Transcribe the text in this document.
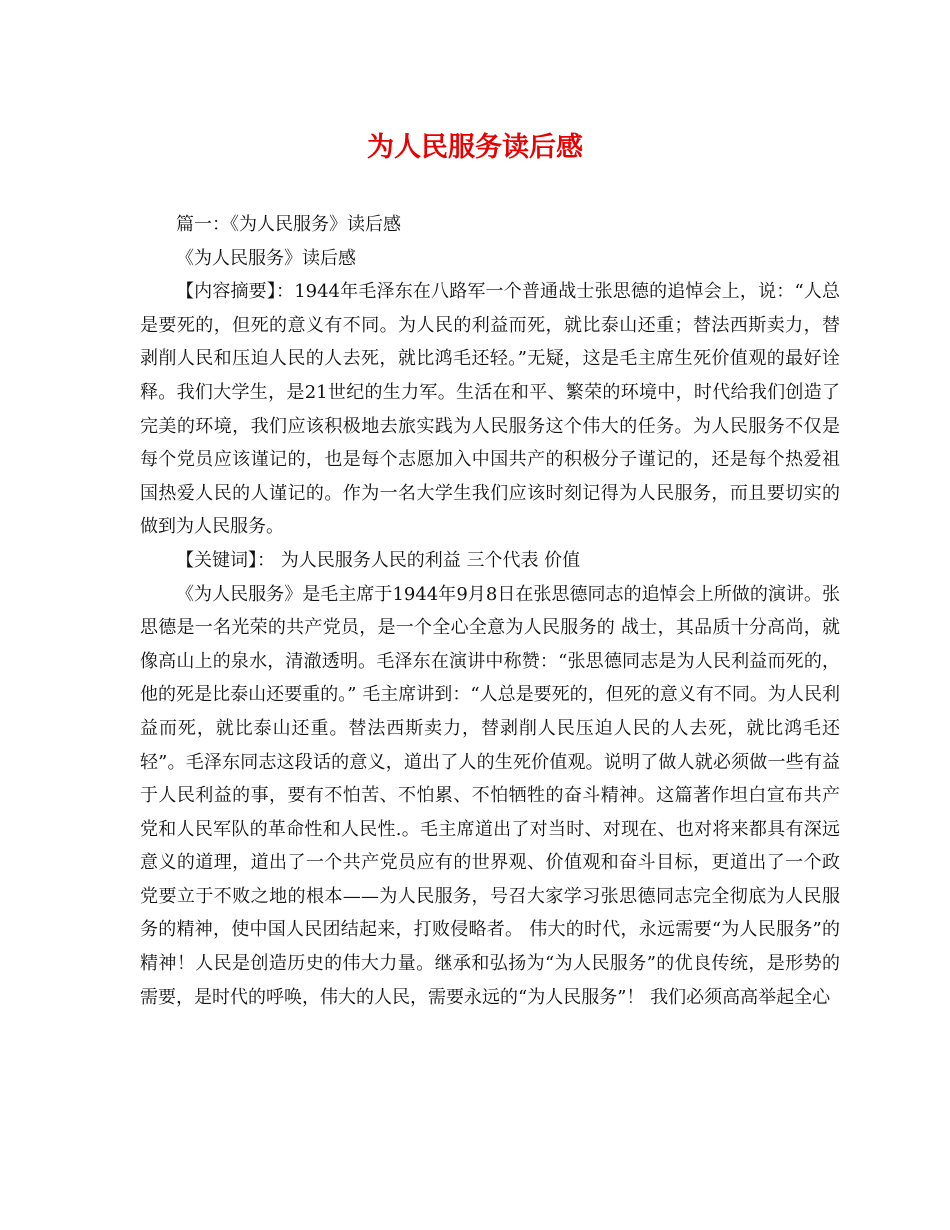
为人民服务读后感

篇一：《为人民服务》读后感

《为人民服务》读后感

【内容摘要】：1944年毛泽东在八路军一个普通战士张思德的追悼会上，说：“人总是要死的，但死的意义有不同。为人民的利益而死，就比泰山还重；替法西斯卖力，替剥削人民和压迫人民的人去死，就比鸿毛还轻。”无疑，这是毛主席生死价值观的最好诠释。我们大学生，是21世纪的生力军。生活在和平、繁荣的环境中，时代给我们创造了完美的环境，我们应该积极地去旅实践为人民服务这个伟大的任务。为人民服务不仅是每个党员应该谨记的，也是每个志愿加入中国共产的积极分子谨记的，还是每个热爱祖国热爱人民的人谨记的。作为一名大学生我们应该时刻记得为人民服务，而且要切实的做到为人民服务。

【关键词】： 为人民服务人民的利益 三个代表 价值

《为人民服务》是毛主席于1944年9月8日在张思德同志的追悼会上所做的演讲。张思德是一名光荣的共产党员，是一个全心全意为人民服务的 战士，其品质十分高尚，就像高山上的泉水，清澈透明。毛泽东在演讲中称赞：“张思德同志是为人民利益而死的，他的死是比泰山还要重的。” 毛主席讲到：“人总是要死的，但死的意义有不同。为人民利益而死，就比泰山还重。替法西斯卖力，替剥削人民压迫人民的人去死，就比鸿毛还轻”。毛泽东同志这段话的意义，道出了人的生死价值观。说明了做人就必须做一些有益于人民利益的事，要有不怕苦、不怕累、不怕牺牲的奋斗精神。这篇著作坦白宣布共产党和人民军队的革命性和人民性.。毛主席道出了对当时、对现在、也对将来都具有深远意义的道理，道出了一个共产党员应有的世界观、价值观和奋斗目标，更道出了一个政党要立于不败之地的根本——为人民服务，号召大家学习张思德同志完全彻底为人民服务的精神，使中国人民团结起来，打败侵略者。 伟大的时代，永远需要“为人民服务”的精神！人民是创造历史的伟大力量。继承和弘扬为“为人民服务”的优良传统，是形势的需要，是时代的呼唤，伟大的人民，需要永远的“为人民服务”！ 我们必须高高举起全心
